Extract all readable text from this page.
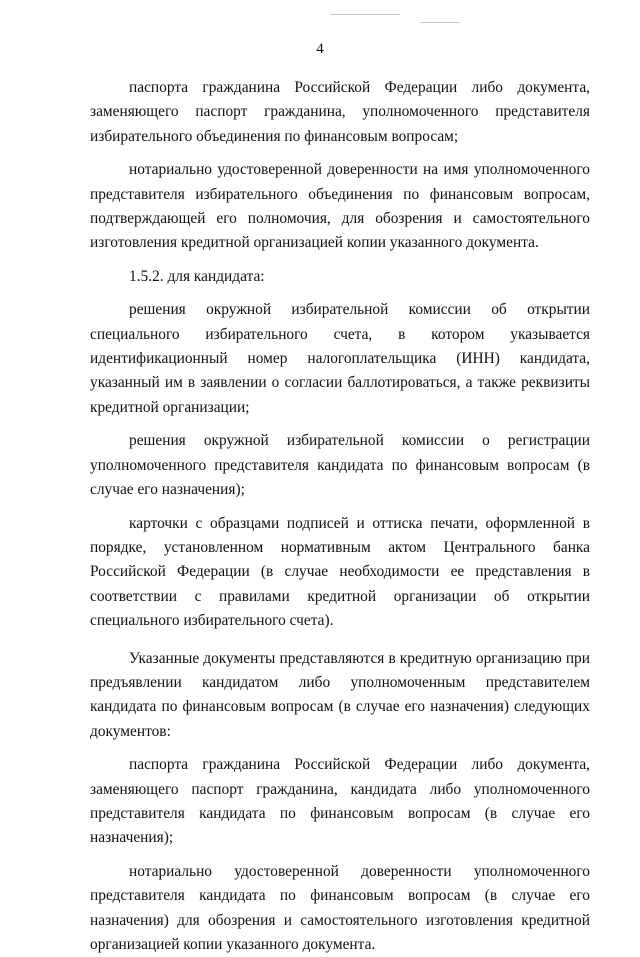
4

паспорта гражданина Российской Федерации либо документа, заменяющего паспорт гражданина, уполномоченного представителя избирательного объединения по финансовым вопросам;

нотариально удостоверенной доверенности на имя уполномоченного представителя избирательного объединения по финансовым вопросам, подтверждающей его полномочия, для обозрения и самостоятельного изготовления кредитной организацией копии указанного документа.

1.5.2. для кандидата:

решения окружной избирательной комиссии об открытии специального избирательного счета, в котором указывается идентификационный номер налогоплательщика (ИНН) кандидата, указанный им в заявлении о согласии баллотироваться, а также реквизиты кредитной организации;

решения окружной избирательной комиссии о регистрации уполномоченного представителя кандидата по финансовым вопросам (в случае его назначения);

карточки с образцами подписей и оттиска печати, оформленной в порядке, установленном нормативным актом Центрального банка Российской Федерации (в случае необходимости ее представления в соответствии с правилами кредитной организации об открытии специального избирательного счета).

Указанные документы представляются в кредитную организацию при предъявлении кандидатом либо уполномоченным представителем кандидата по финансовым вопросам (в случае его назначения) следующих документов:

паспорта гражданина Российской Федерации либо документа, заменяющего паспорт гражданина, кандидата либо уполномоченного представителя кандидата по финансовым вопросам (в случае его назначения);

нотариально удостоверенной доверенности уполномоченного представителя кандидата по финансовым вопросам (в случае его назначения) для обозрения и самостоятельного изготовления кредитной организацией копии указанного документа.
